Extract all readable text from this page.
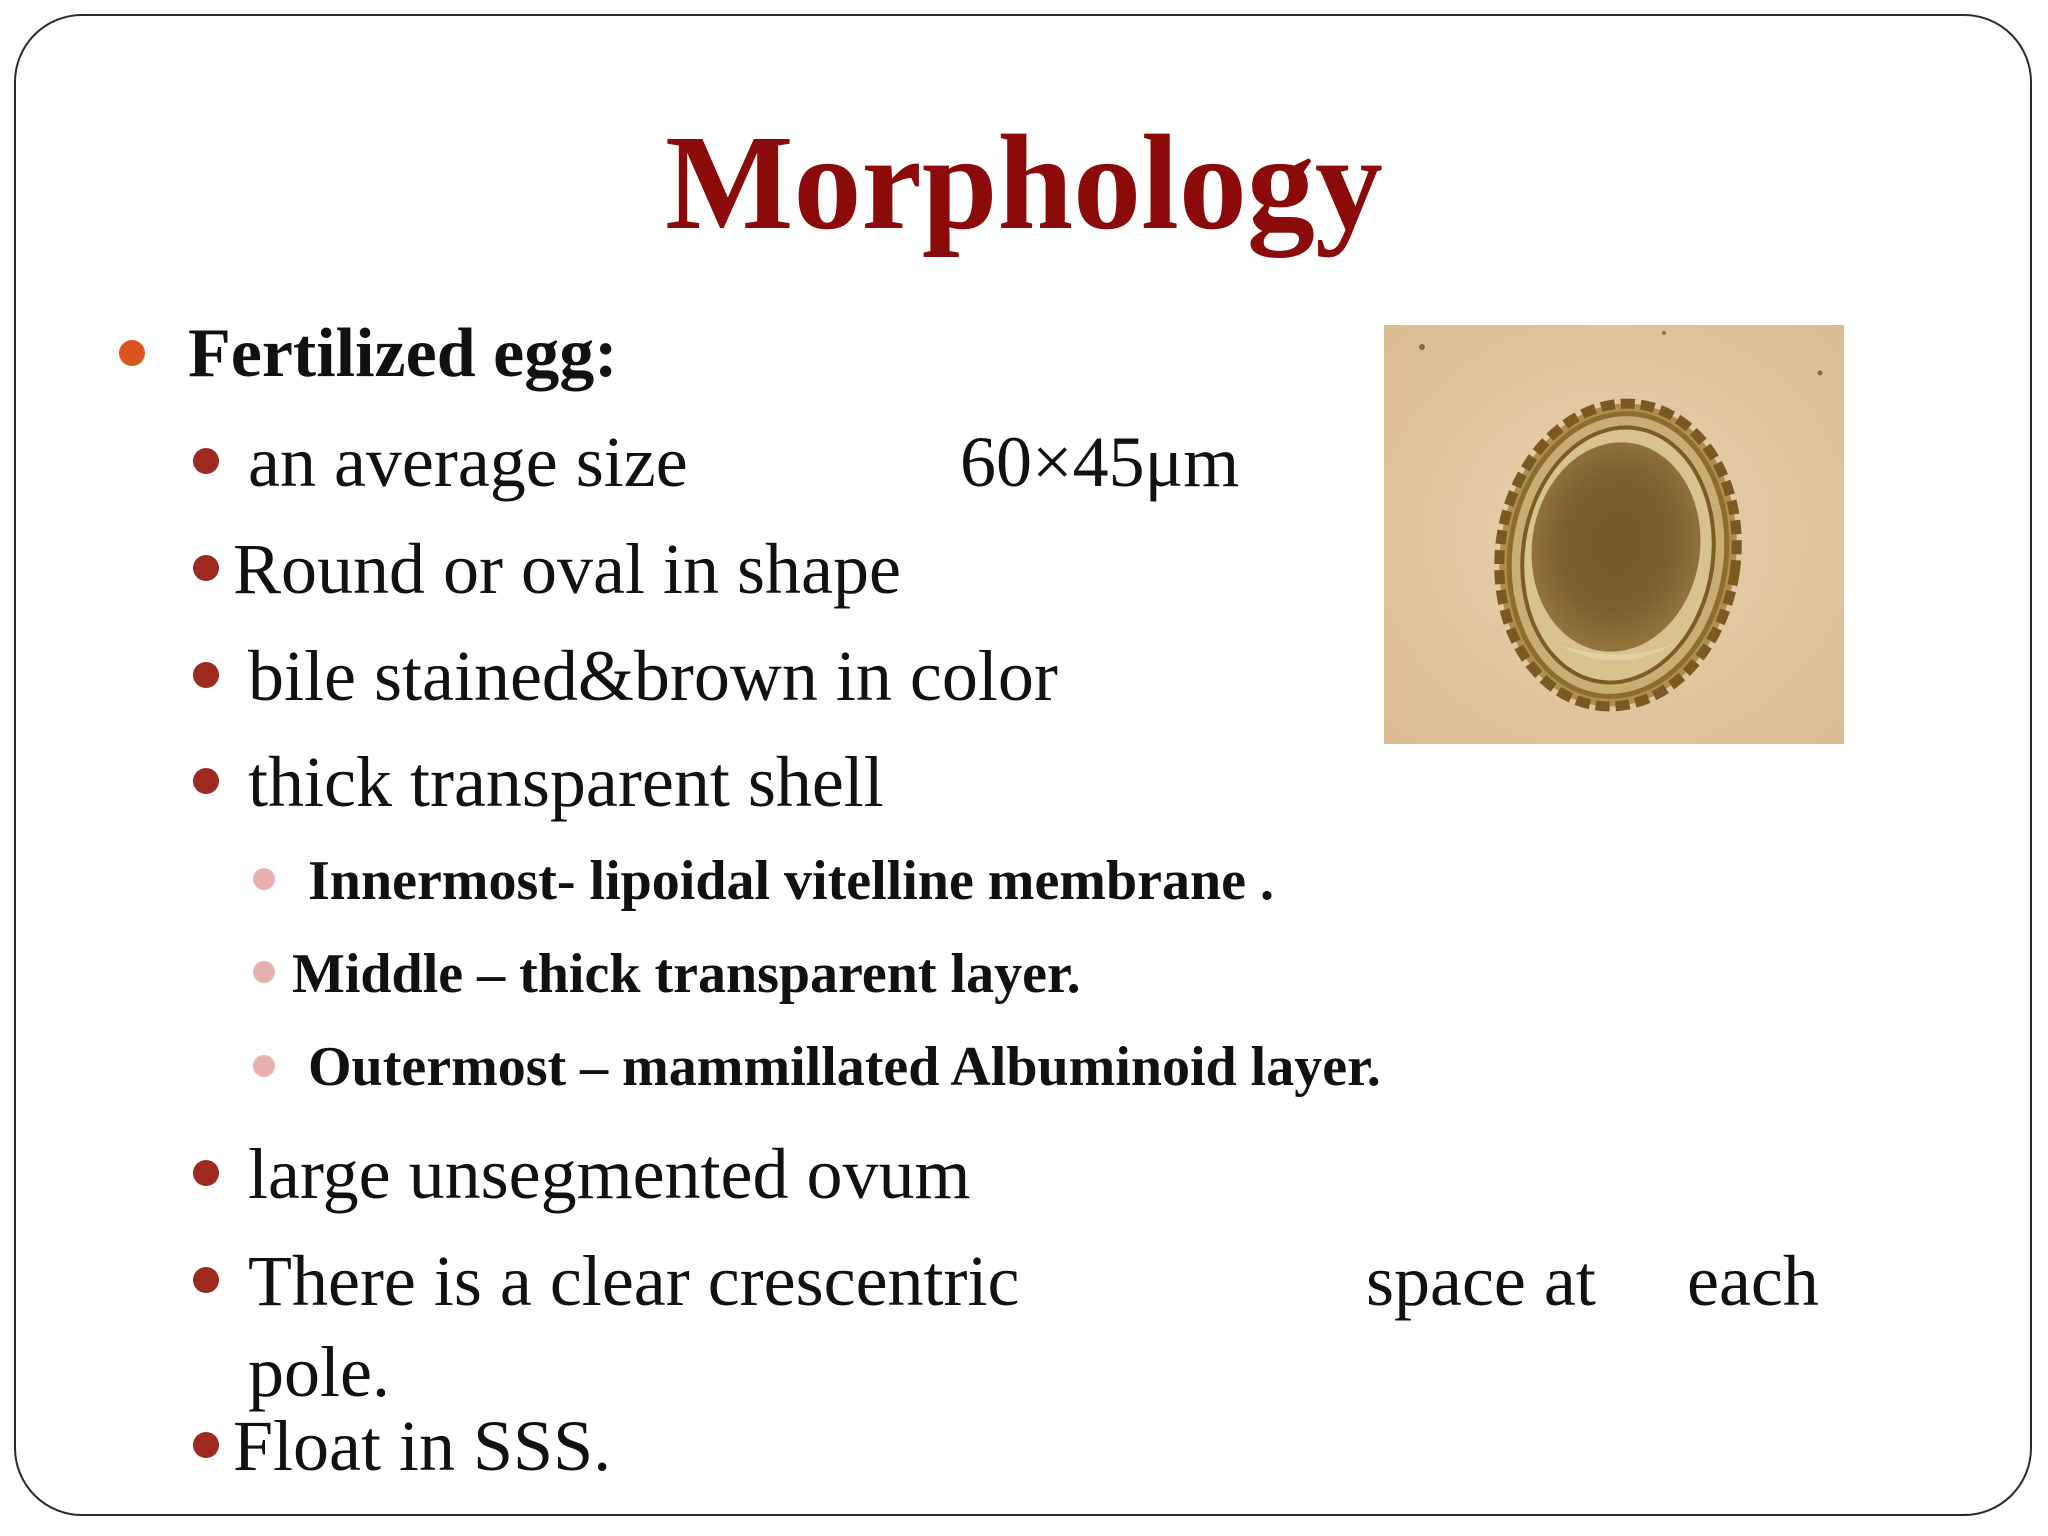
Morphology
Fertilized egg:
an average size	60×45μm
Round or oval in shape
bile stained&brown in color
thick transparent shell
Innermost- lipoidal vitelline membrane .
Middle – thick transparent layer.
Outermost – mammillated Albuminoid layer.
large unsegmented ovum
There is a clear crescentric	space at each
pole.
Float in SSS.
